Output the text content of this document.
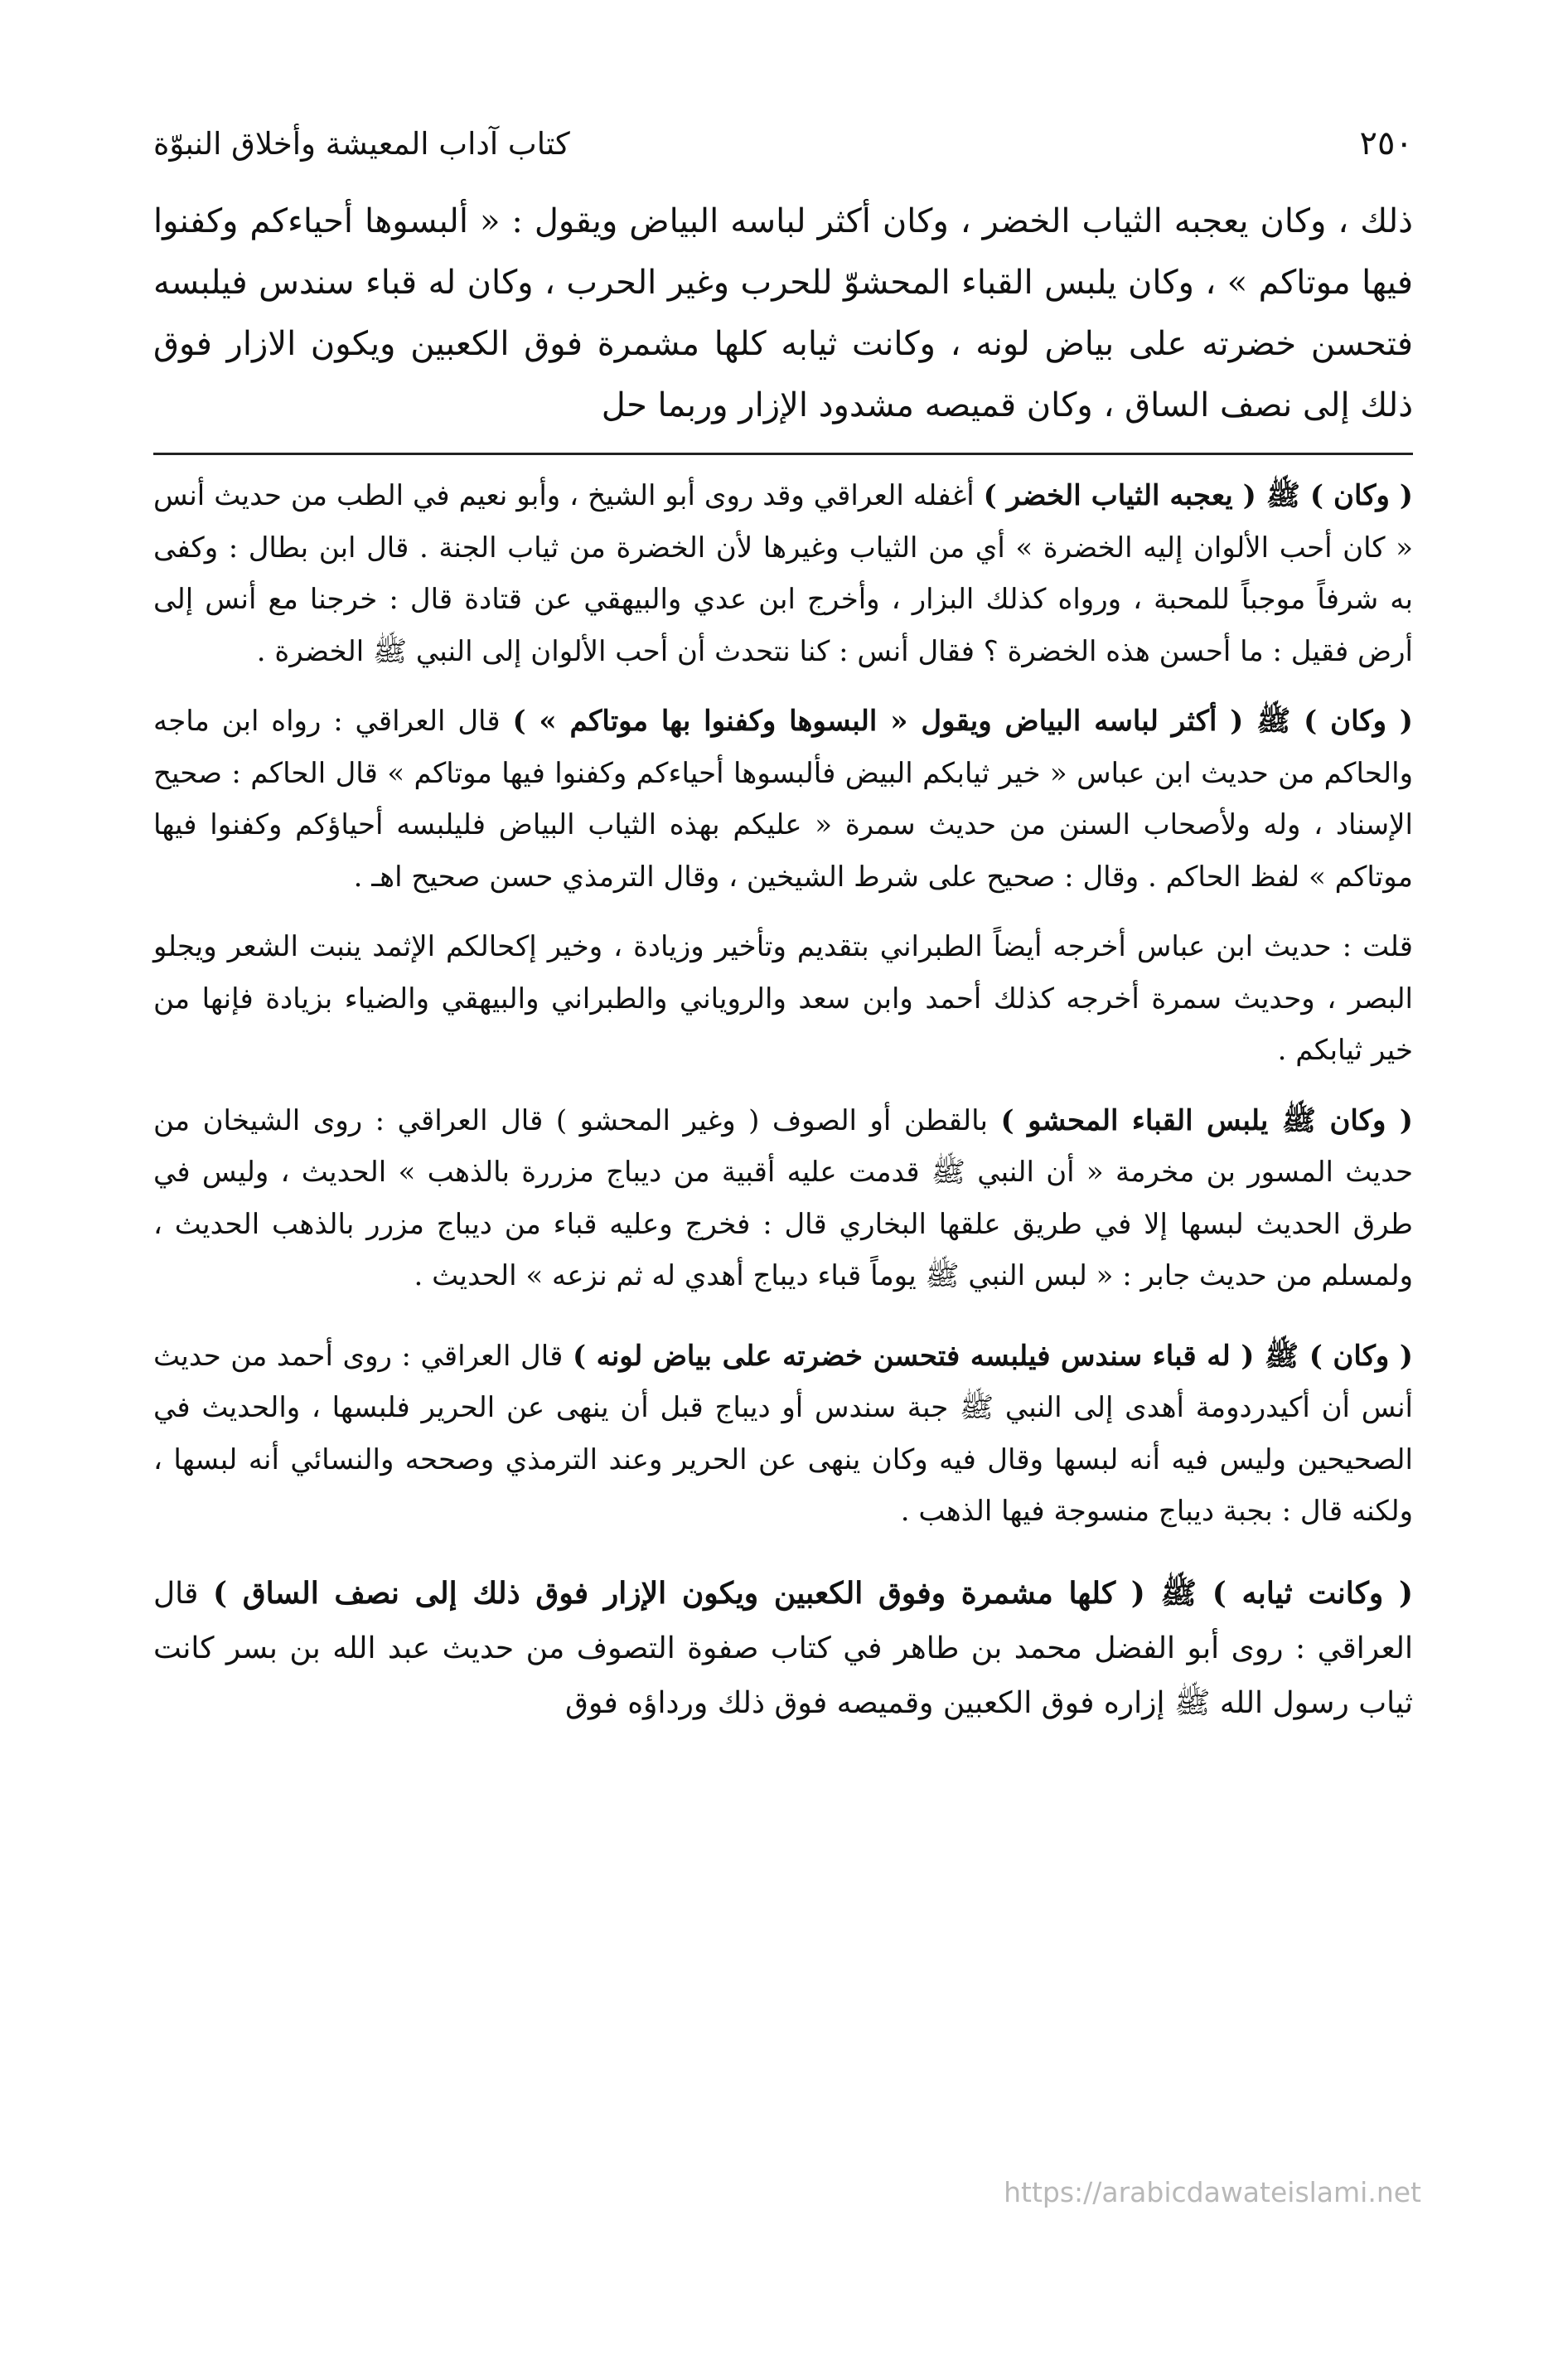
٢٥٠
كتاب آداب المعيشة وأخلاق النبوّة

ذلك ، وكان يعجبه الثياب الخضر ، وكان أكثر لباسه البياض ويقول : « ألبسوها أحياءكم وكفنوا فيها موتاكم » ، وكان يلبس القباء المحشوّ للحرب وغير الحرب ، وكان له قباء سندس فيلبسه فتحسن خضرته على بياض لونه ، وكانت ثيابه كلها مشمرة فوق الكعبين ويكون الازار فوق ذلك إلى نصف الساق ، وكان قميصه مشدود الإزار وربما حل

( وكان ) ﷺ ( يعجبه الثياب الخضر ) أغفله العراقي وقد روى أبو الشيخ ، وأبو نعيم في الطب من حديث أنس « كان أحب الألوان إليه الخضرة » أي من الثياب وغيرها لأن الخضرة من ثياب الجنة . قال ابن بطال : وكفى به شرفاً موجباً للمحبة ، ورواه كذلك البزار ، وأخرج ابن عدي والبيهقي عن قتادة قال : خرجنا مع أنس إلى أرض فقيل : ما أحسن هذه الخضرة ؟ فقال أنس : كنا نتحدث أن أحب الألوان إلى النبي ﷺ الخضرة .

( وكان ) ﷺ ( أكثر لباسه البياض ويقول « البسوها وكفنوا بها موتاكم » ) قال العراقي : رواه ابن ماجه والحاكم من حديث ابن عباس « خير ثيابكم البيض فألبسوها أحياءكم وكفنوا فيها موتاكم » قال الحاكم : صحيح الإسناد ، وله ولأصحاب السنن من حديث سمرة « عليكم بهذه الثياب البياض فليلبسه أحياؤكم وكفنوا فيها موتاكم » لفظ الحاكم . وقال : صحيح على شرط الشيخين ، وقال الترمذي حسن صحيح اهـ .

قلت : حديث ابن عباس أخرجه أيضاً الطبراني بتقديم وتأخير وزيادة ، وخير إكحالكم الإثمد ينبت الشعر ويجلو البصر ، وحديث سمرة أخرجه كذلك أحمد وابن سعد والروياني والطبراني والبيهقي والضياء بزيادة فإنها من خير ثيابكم .

( وكان ﷺ يلبس القباء المحشو ) بالقطن أو الصوف ( وغير المحشو ) قال العراقي : روى الشيخان من حديث المسور بن مخرمة « أن النبي ﷺ قدمت عليه أقبية من ديباج مزررة بالذهب » الحديث ، وليس في طرق الحديث لبسها إلا في طريق علقها البخاري قال : فخرج وعليه قباء من ديباج مزرر بالذهب الحديث ، ولمسلم من حديث جابر : « لبس النبي ﷺ يوماً قباء ديباج أهدي له ثم نزعه » الحديث .

( وكان ) ﷺ ( له قباء سندس فيلبسه فتحسن خضرته على بياض لونه ) قال العراقي : روى أحمد من حديث أنس أن أكيدردومة أهدى إلى النبي ﷺ جبة سندس أو ديباج قبل أن ينهى عن الحرير فلبسها ، والحديث في الصحيحين وليس فيه أنه لبسها وقال فيه وكان ينهى عن الحرير وعند الترمذي وصححه والنسائي أنه لبسها ، ولكنه قال : بجبة ديباج منسوجة فيها الذهب .

( وكانت ثيابه ) ﷺ ( كلها مشمرة وفوق الكعبين ويكون الإزار فوق ذلك إلى نصف الساق ) قال العراقي : روى أبو الفضل محمد بن طاهر في كتاب صفوة التصوف من حديث عبد الله بن بسر كانت ثياب رسول الله ﷺ إزاره فوق الكعبين وقميصه فوق ذلك ورداؤه فوق

https://arabicdawateislami.net
